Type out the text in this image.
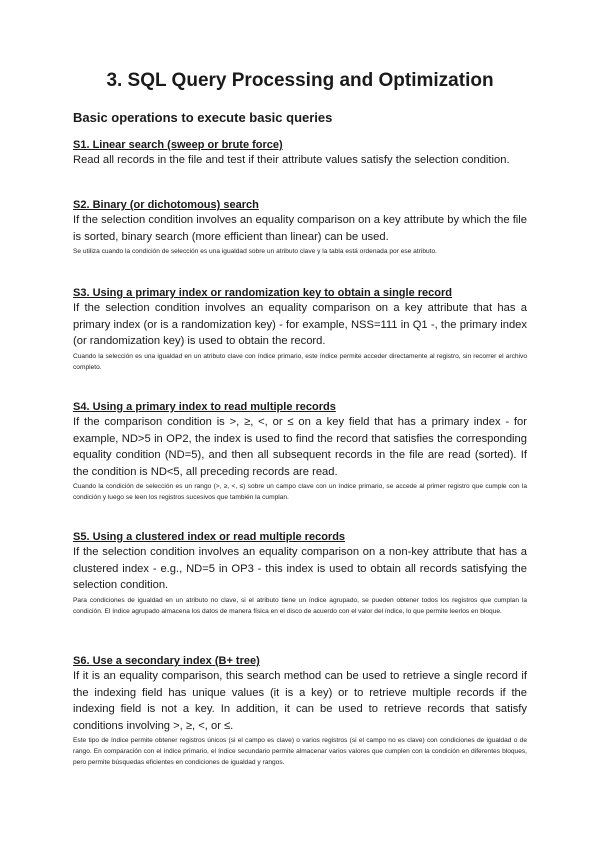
3. SQL Query Processing and Optimization
Basic operations to execute basic queries

S1. Linear search (sweep or brute force)

Read all records in the file and test if their attribute values satisfy the selection condition.

S2. Binary (or dichotomous) search

If the selection condition involves an equality comparison on a key attribute by which the file is sorted, binary search (more efficient than linear) can be used.

Se utiliza cuando la condición de selección es una igualdad sobre un atributo clave y la tabla está ordenada por ese atributo.

S3. Using a primary index or randomization key to obtain a single record

If the selection condition involves an equality comparison on a key attribute that has a primary index (or is a randomization key) - for example, NSS=111 in Q1 -, the primary index (or randomization key) is used to obtain the record.

Cuando la selección es una igualdad en un atributo clave con índice primario, este índice permite acceder directamente al registro, sin recorrer el archivo completo.

S4. Using a primary index to read multiple records

If the comparison condition is >, ≥, <, or ≤ on a key field that has a primary index - for example, ND>5 in OP2, the index is used to find the record that satisfies the corresponding equality condition (ND=5), and then all subsequent records in the file are read (sorted). If the condition is ND<5, all preceding records are read.

Cuando la condición de selección es un rango (>, ≥, <, ≤) sobre un campo clave con un índice primario, se accede al primer registro que cumple con la condición y luego se leen los registros sucesivos que también la cumplan.

S5. Using a clustered index or read multiple records

If the selection condition involves an equality comparison on a non-key attribute that has a clustered index - e.g., ND=5 in OP3 - this index is used to obtain all records satisfying the selection condition.

Para condiciones de igualdad en un atributo no clave, si el atributo tiene un índice agrupado, se pueden obtener todos los registros que cumplan la condición. El índice agrupado almacena los datos de manera física en el disco de acuerdo con el valor del índice, lo que permite leerlos en bloque.

S6. Use a secondary index (B+ tree)

If it is an equality comparison, this search method can be used to retrieve a single record if the indexing field has unique values (it is a key) or to retrieve multiple records if the indexing field is not a key. In addition, it can be used to retrieve records that satisfy conditions involving >, ≥, <, or ≤.

Este tipo de índice permite obtener registros únicos (si el campo es clave) o varios registros (si el campo no es clave) con condiciones de igualdad o de rango. En comparación con el índice primario, el índice secundario permite almacenar varios valores que cumplen con la condición en diferentes bloques, pero permite búsquedas eficientes en condiciones de igualdad y rangos.
